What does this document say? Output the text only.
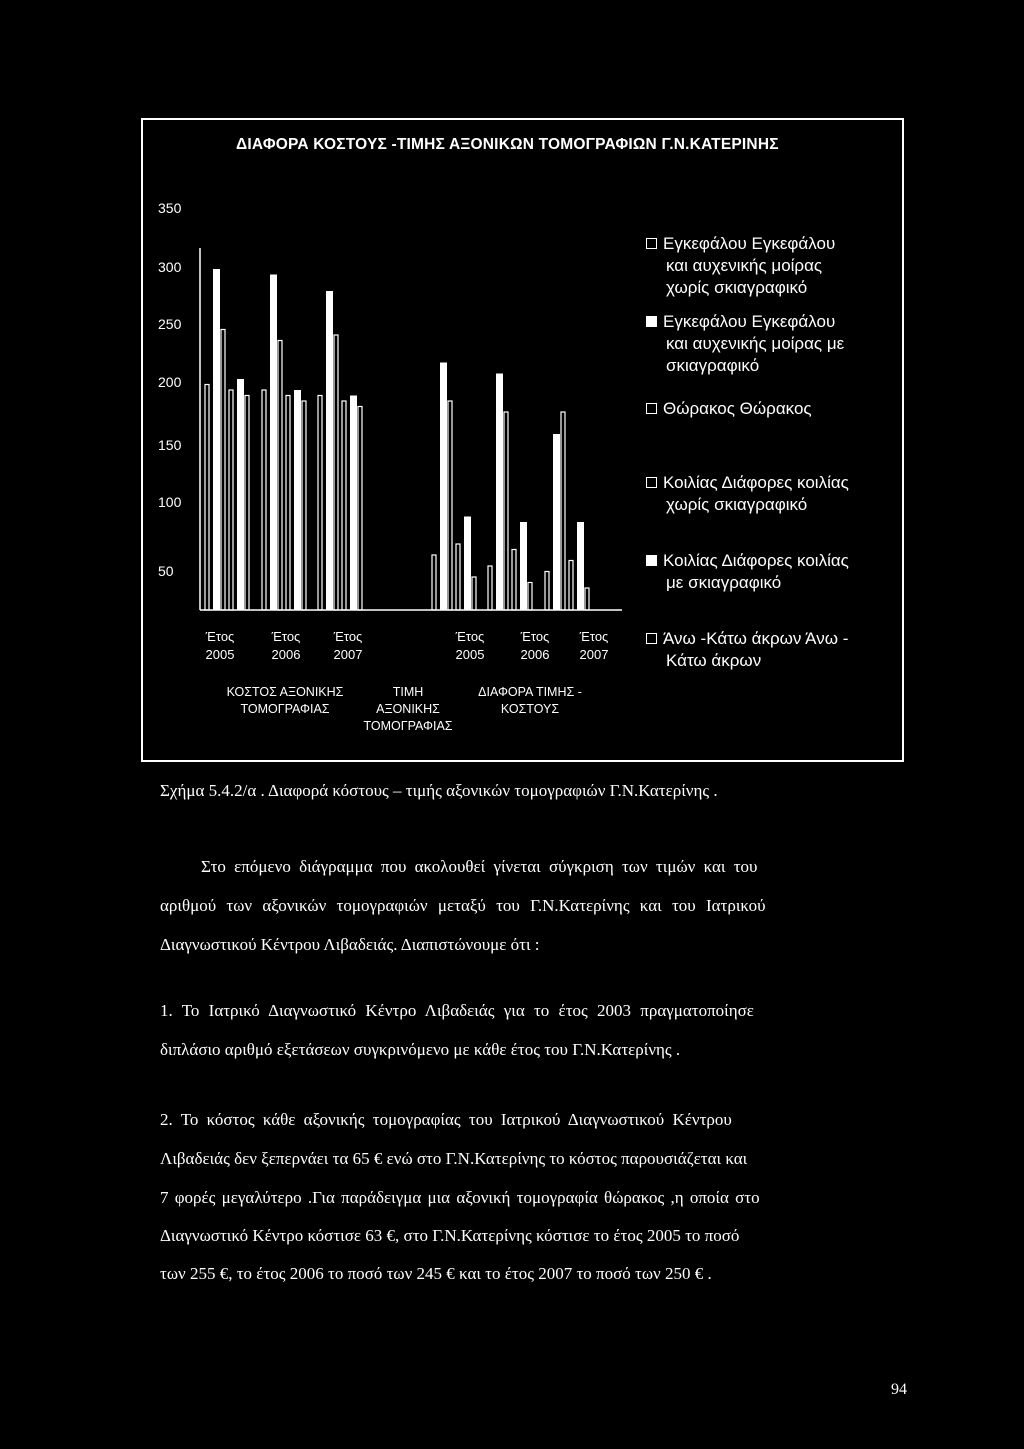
ΔΙΑΦΟΡΑ ΚΟΣΤΟΥΣ -ΤΙΜΗΣ ΑΞΟΝΙΚΩΝ ΤΟΜΟΓΡΑΦΙΩΝ Γ.Ν.ΚΑΤΕΡΙΝΗΣ
350
300
250
200
150
100
50
Έτος
2005
Έτος
2006
Έτος
2007
Έτος
2005
Έτος
2006
Έτος
2007
ΚΟΣΤΟΣ ΑΞΟΝΙΚΗΣ
ΤΟΜΟΓΡΑΦΙΑΣ
ΤΙΜΗ
ΑΞΟΝΙΚΗΣ
ΤΟΜΟΓΡΑΦΙΑΣ
ΔΙΑΦΟΡΑ ΤΙΜΗΣ -
ΚΟΣΤΟΥΣ
Εγκεφάλου Εγκεφάλου
και αυχενικής μοίρας
χωρίς σκιαγραφικό
Εγκεφάλου Εγκεφάλου
και αυχενικής μοίρας με
σκιαγραφικό
Θώρακος Θώρακος
Κοιλίας Διάφορες κοιλίας
χωρίς σκιαγραφικό
Κοιλίας Διάφορες κοιλίας
με σκιαγραφικό
Άνω -Κάτω άκρων Άνω -
Κάτω άκρων
Σχήμα 5.4.2/α . Διαφορά κόστους – τιμής αξονικών τομογραφιών Γ.Ν.Κατερίνης .
Στο επόμενο διάγραμμα που ακολουθεί γίνεται σύγκριση των τιμών και του
αριθμού των αξονικών τομογραφιών μεταξύ του Γ.Ν.Κατερίνης και του Ιατρικού
Διαγνωστικού Κέντρου Λιβαδειάς. Διαπιστώνουμε ότι :
1. Το Ιατρικό Διαγνωστικό Κέντρο Λιβαδειάς για το έτος 2003 πραγματοποίησε
διπλάσιο αριθμό εξετάσεων συγκρινόμενο με κάθε έτος του Γ.Ν.Κατερίνης .
2. Το κόστος κάθε αξονικής τομογραφίας του Ιατρικού Διαγνωστικού Κέντρου
Λιβαδειάς δεν ξεπερνάει τα 65 € ενώ στο Γ.Ν.Κατερίνης το κόστος παρουσιάζεται και
7 φορές μεγαλύτερο .Για παράδειγμα μια αξονική τομογραφία θώρακος ,η οποία στο
Διαγνωστικό Κέντρο κόστισε 63 €, στο Γ.Ν.Κατερίνης κόστισε το έτος 2005 το ποσό
των 255 €, το έτος 2006 το ποσό των 245 € και το έτος 2007 το ποσό των 250 € .
94
